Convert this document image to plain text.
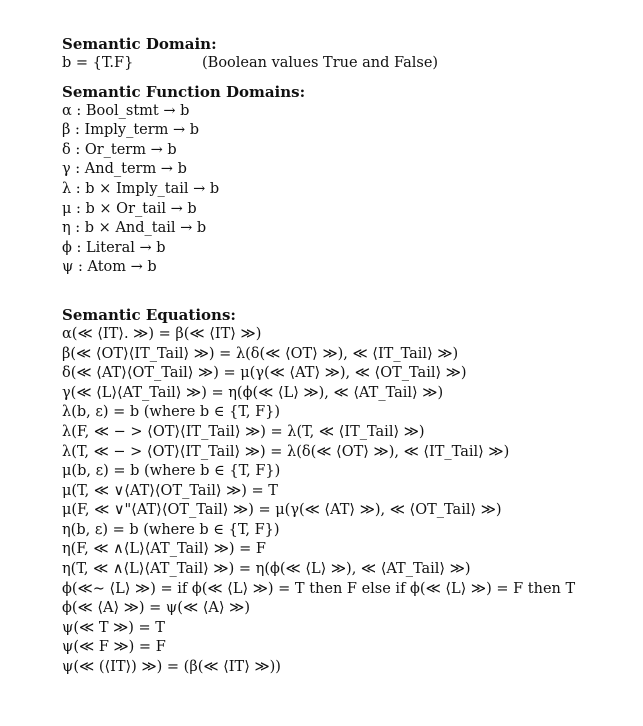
Semantic Domain:
b = {T.F}	(Boolean values True and False)
Semantic Function Domains:
α : Bool_stmt → b
β : Imply_term → b
δ : Or_term → b
γ : And_term → b
λ : b × Imply_tail → b
μ : b × Or_tail → b
η : b × And_tail → b
ϕ : Literal → b
ψ : Atom → b
Semantic Equations:
α(≪ ⟨IT⟩. ≫) = β(≪ ⟨IT⟩ ≫)
β(≪ ⟨OT⟩⟨IT_Tail⟩ ≫) = λ(δ(≪ ⟨OT⟩ ≫), ≪ ⟨IT_Tail⟩ ≫)
δ(≪ ⟨AT⟩⟨OT_Tail⟩ ≫) = μ(γ(≪ ⟨AT⟩ ≫), ≪ ⟨OT_Tail⟩ ≫)
γ(≪ ⟨L⟩⟨AT_Tail⟩ ≫) = η(ϕ(≪ ⟨L⟩ ≫), ≪ ⟨AT_Tail⟩ ≫)
λ(b, ε) = b (where b ∈ {T, F})
λ(F, ≪ − > ⟨OT⟩⟨IT_Tail⟩ ≫) = λ(T, ≪ ⟨IT_Tail⟩ ≫)
λ(T, ≪ − > ⟨OT⟩⟨IT_Tail⟩ ≫) = λ(δ(≪ ⟨OT⟩ ≫), ≪ ⟨IT_Tail⟩ ≫)
μ(b, ε) = b (where b ∈ {T, F})
μ(T, ≪ ∨⟨AT⟩⟨OT_Tail⟩ ≫) = T
μ(F, ≪ ∨"⟨AT⟩⟨OT_Tail⟩ ≫) = μ(γ(≪ ⟨AT⟩ ≫), ≪ ⟨OT_Tail⟩ ≫)
η(b, ε) = b (where b ∈ {T, F})
η(F, ≪ ∧⟨L⟩⟨AT_Tail⟩ ≫) = F
η(T, ≪ ∧⟨L⟩⟨AT_Tail⟩ ≫) = η(ϕ(≪ ⟨L⟩ ≫), ≪ ⟨AT_Tail⟩ ≫)
ϕ(≪∼ ⟨L⟩ ≫) = if ϕ(≪ ⟨L⟩ ≫) = T then F else if ϕ(≪ ⟨L⟩ ≫) = F then T
ϕ(≪ ⟨A⟩ ≫) = ψ(≪ ⟨A⟩ ≫)
ψ(≪ T ≫) = T
ψ(≪ F ≫) = F
ψ(≪ (⟨IT⟩) ≫) = (β(≪ ⟨IT⟩ ≫))
